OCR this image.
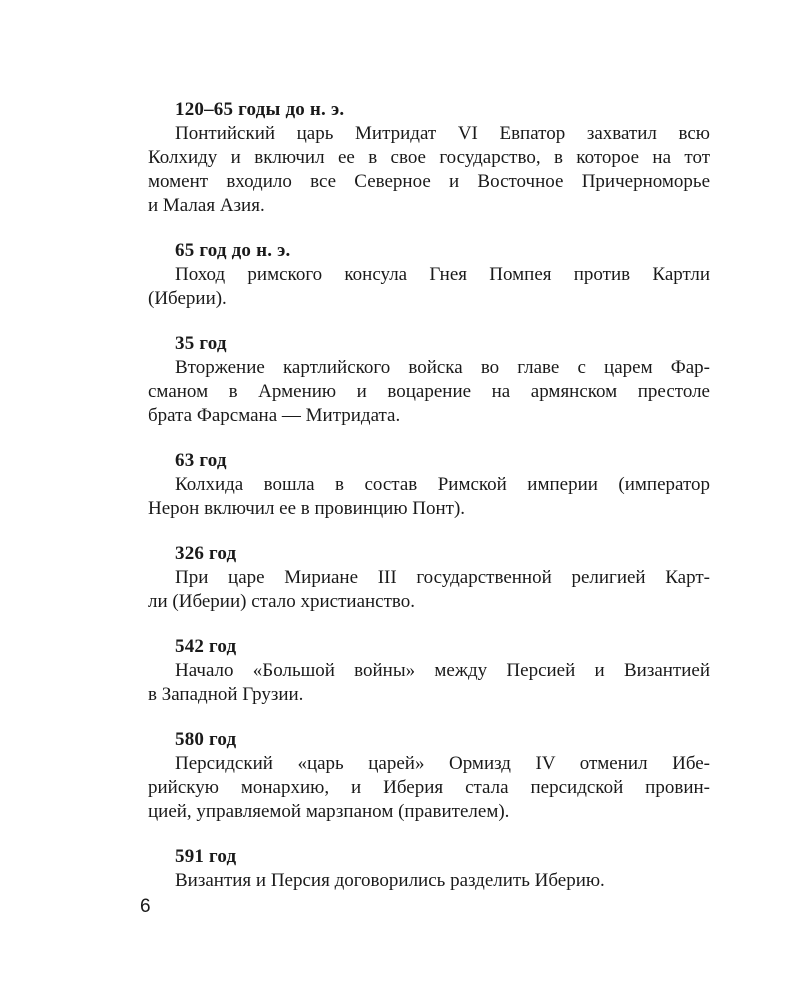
120–65 годы до н. э.
Понтийский царь Митридат VI Евпатор захватил всю
Колхиду и включил ее в свое государство, в которое на тот
момент входило все Северное и Восточное Причерноморье
и Малая Азия.
65 год до н. э.
Поход римского консула Гнея Помпея против Картли
(Иберии).
35 год
Вторжение картлийского войска во главе с царем Фар-
сманом в Армению и воцарение на армянском престоле
брата Фарсмана — Митридата.
63 год
Колхида вошла в состав Римской империи (император
Нерон включил ее в провинцию Понт).
326 год
При царе Мириане III государственной религией Карт-
ли (Иберии) стало христианство.
542 год
Начало «Большой войны» между Персией и Византией
в Западной Грузии.
580 год
Персидский «царь царей» Ормизд IV отменил Ибе-
рийскую монархию, и Иберия стала персидской провин-
цией, управляемой марзпаном (правителем).
591 год
Византия и Персия договорились разделить Иберию.
6
